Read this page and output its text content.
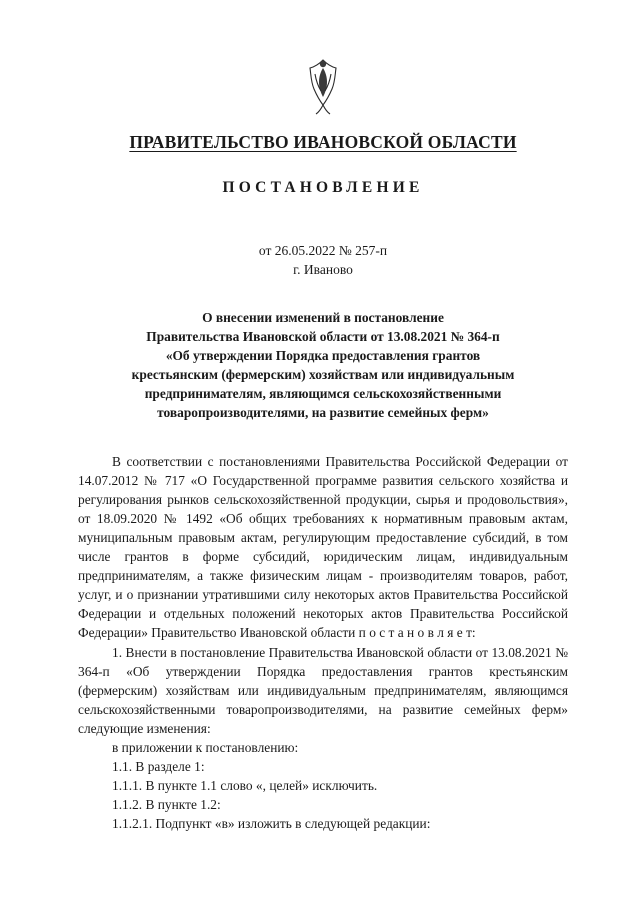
ПРАВИТЕЛЬСТВО ИВАНОВСКОЙ ОБЛАСТИ
ПОСТАНОВЛЕНИЕ
от 26.05.2022 № 257-п
г. Иваново
О внесении изменений в постановление
Правительства Ивановской области от 13.08.2021 № 364-п
«Об утверждении Порядка предоставления грантов
крестьянским (фермерским) хозяйствам или индивидуальным
предпринимателям, являющимся сельскохозяйственными
товаропроизводителями, на развитие семейных ферм»

В соответствии с постановлениями Правительства Российской Федерации от 14.07.2012 № 717 «О Государственной программе развития сельского хозяйства и регулирования рынков сельскохозяйственной продукции, сырья и продовольствия», от 18.09.2020 № 1492 «Об общих требованиях к нормативным правовым актам, муниципальным правовым актам, регулирующим предоставление субсидий, в том числе грантов в форме субсидий, юридическим лицам, индивидуальным предпринимателям, а также физическим лицам - производителям товаров, работ, услуг, и о признании утратившими силу некоторых актов Правительства Российской Федерации и отдельных положений некоторых актов Правительства Российской Федерации» Правительство Ивановской области п о с т а н о в л я е т:

1. Внести в постановление Правительства Ивановской области от 13.08.2021 № 364-п «Об утверждении Порядка предоставления грантов крестьянским (фермерским) хозяйствам или индивидуальным предпринимателям, являющимся сельскохозяйственными товаропроизводителями, на развитие семейных ферм» следующие изменения:

в приложении к постановлению:

1.1. В разделе 1:

1.1.1. В пункте 1.1 слово «, целей» исключить.

1.1.2. В пункте 1.2:

1.1.2.1. Подпункт «в» изложить в следующей редакции:
